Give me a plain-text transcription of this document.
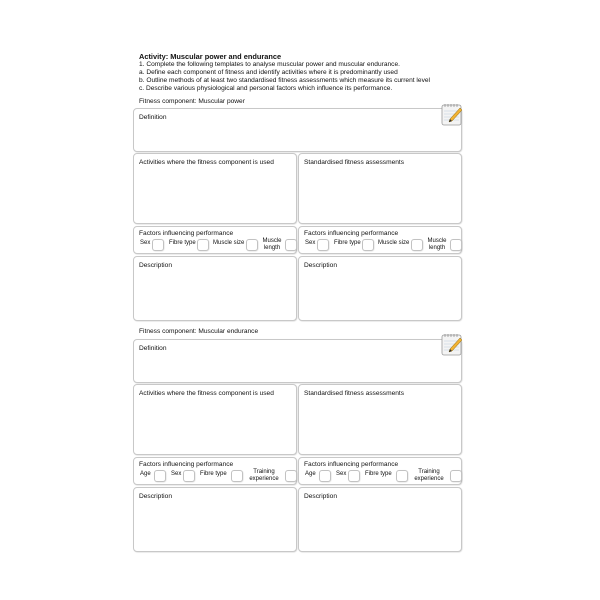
Activity: Muscular power and endurance
1. Complete the following templates to analyse muscular power and muscular endurance.
a. Define each component of fitness and identify activities where it is predominantly used
b. Outline methods of at least two standardised fitness assessments which measure its current level
c. Describe various physiological and personal factors which influence its performance.
Fitness component: Muscular power
Definition
Activities where the fitness component is used	Standardised fitness assessments
Factors influencing performance
Sex	Fibre type	Muscle size	Muscle length
Factors influencing performance
Sex	Fibre type	Muscle size	Muscle length
Description	Description
Fitness component: Muscular endurance
Definition
Activities where the fitness component is used	Standardised fitness assessments
Factors influencing performance
Age	Sex	Fibre type	Training experience
Factors influencing performance
Age	Sex	Fibre type	Training experience
Description	Description
